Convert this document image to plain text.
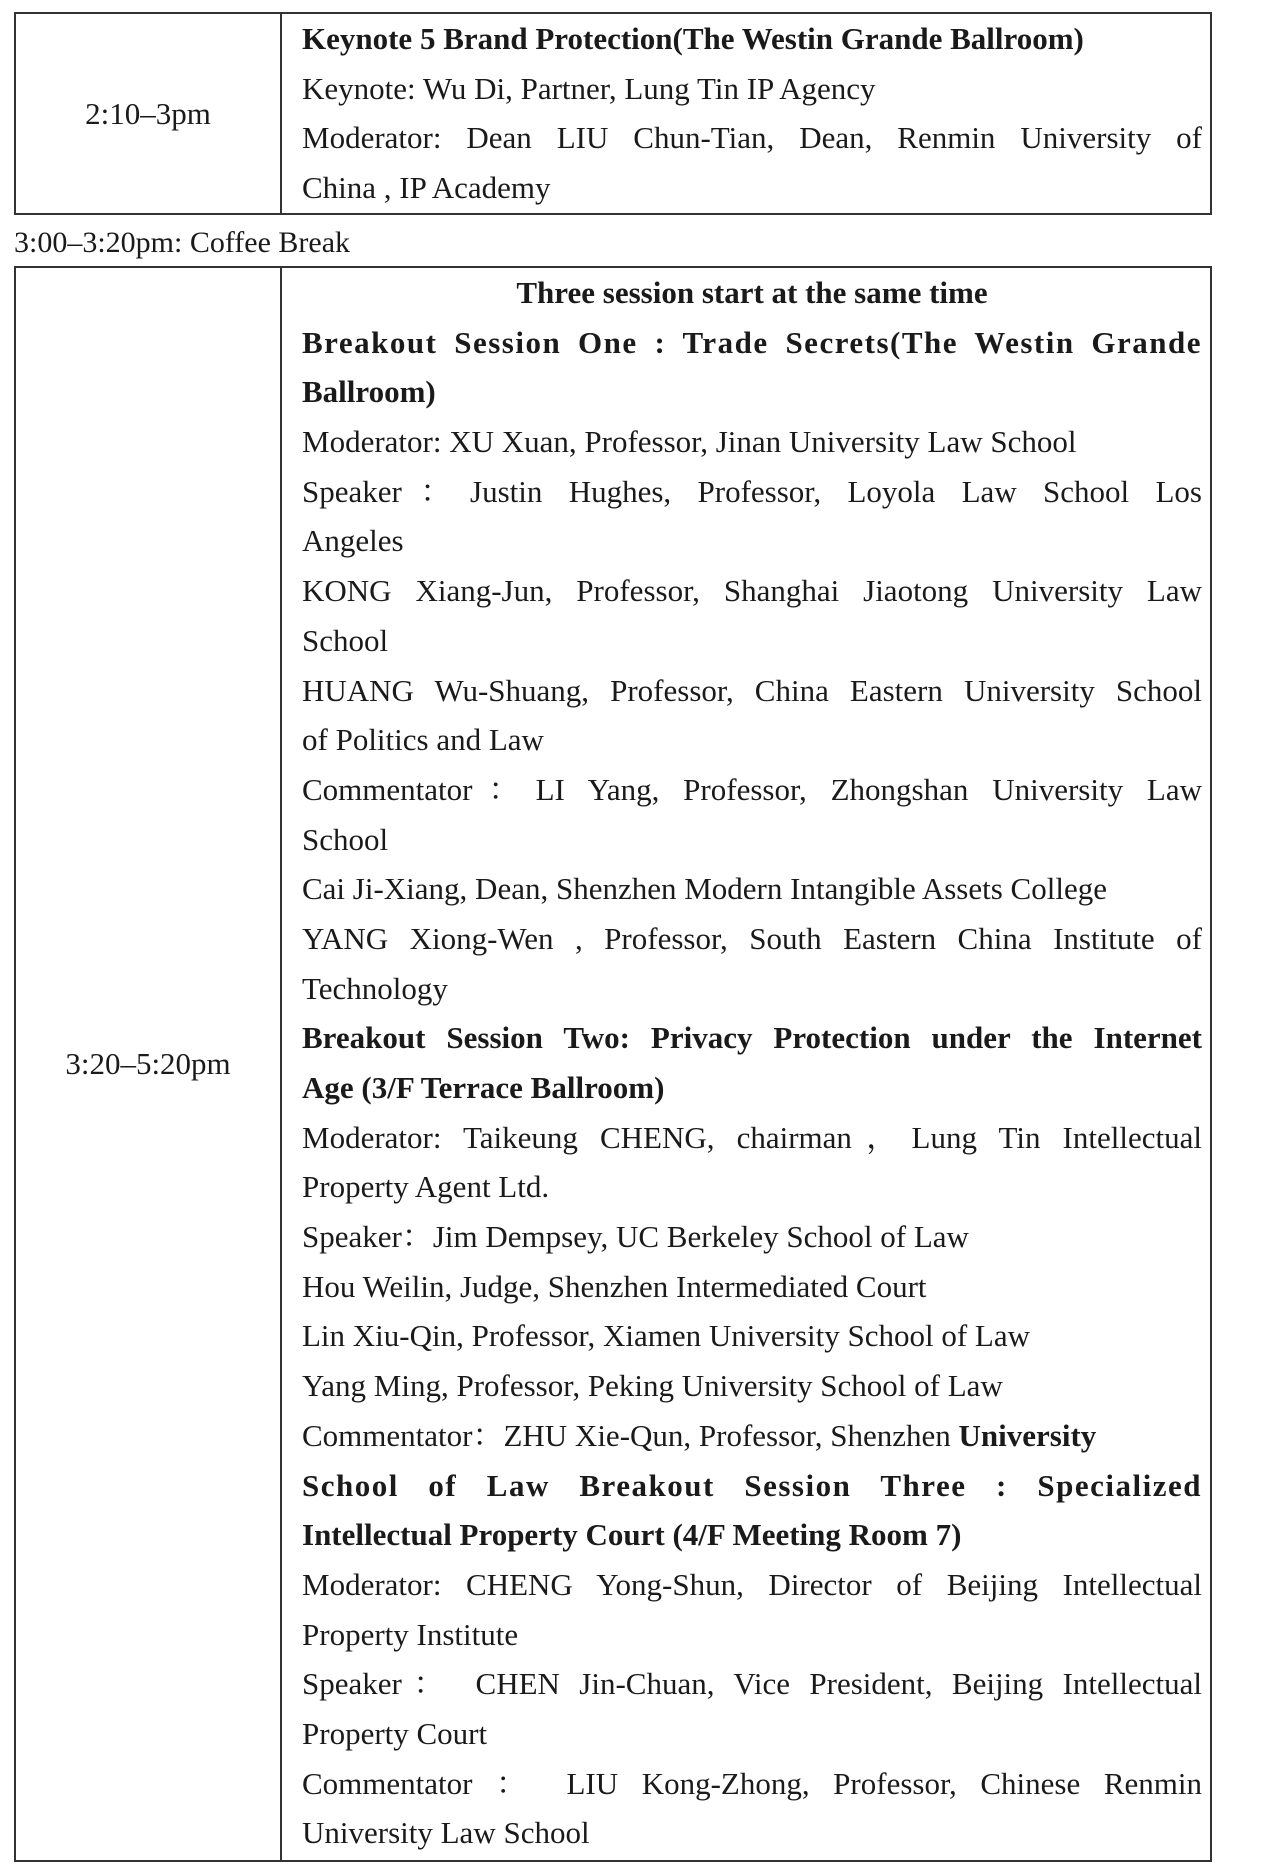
2:10–3pm
Keynote 5 Brand Protection(The Westin Grande Ballroom)
Keynote: Wu Di, Partner, Lung Tin IP Agency
Moderator: Dean LIU Chun-Tian, Dean, Renmin University of
China , IP Academy
3:00–3:20pm: Coffee Break
3:20–5:20pm
Three session start at the same time
Breakout Session One : Trade Secrets(The Westin Grande
Ballroom)
Moderator: XU Xuan, Professor, Jinan University Law School
Speaker：Justin Hughes, Professor, Loyola Law School Los
Angeles
KONG Xiang-Jun, Professor, Shanghai Jiaotong University Law
School
HUANG Wu-Shuang, Professor, China Eastern University School
of Politics and Law
Commentator：LI Yang, Professor, Zhongshan University Law
School
Cai Ji-Xiang, Dean, Shenzhen Modern Intangible Assets College
YANG Xiong-Wen , Professor, South Eastern China Institute of
Technology
Breakout Session Two: Privacy Protection under the Internet
Age (3/F Terrace Ballroom)
Moderator: Taikeung CHENG, chairman，Lung Tin Intellectual
Property Agent Ltd.
Speaker：Jim Dempsey, UC Berkeley School of Law
Hou Weilin, Judge, Shenzhen Intermediated Court
Lin Xiu-Qin, Professor, Xiamen University School of Law
Yang Ming, Professor, Peking University School of Law
Commentator：ZHU Xie-Qun, Professor, Shenzhen University
School of Law Breakout Session Three : Specialized
Intellectual Property Court (4/F Meeting Room 7)
Moderator: CHENG Yong-Shun, Director of Beijing Intellectual
Property Institute
Speaker： CHEN Jin-Chuan, Vice President, Beijing Intellectual
Property Court
Commentator ： LIU Kong-Zhong, Professor, Chinese Renmin
University Law School
